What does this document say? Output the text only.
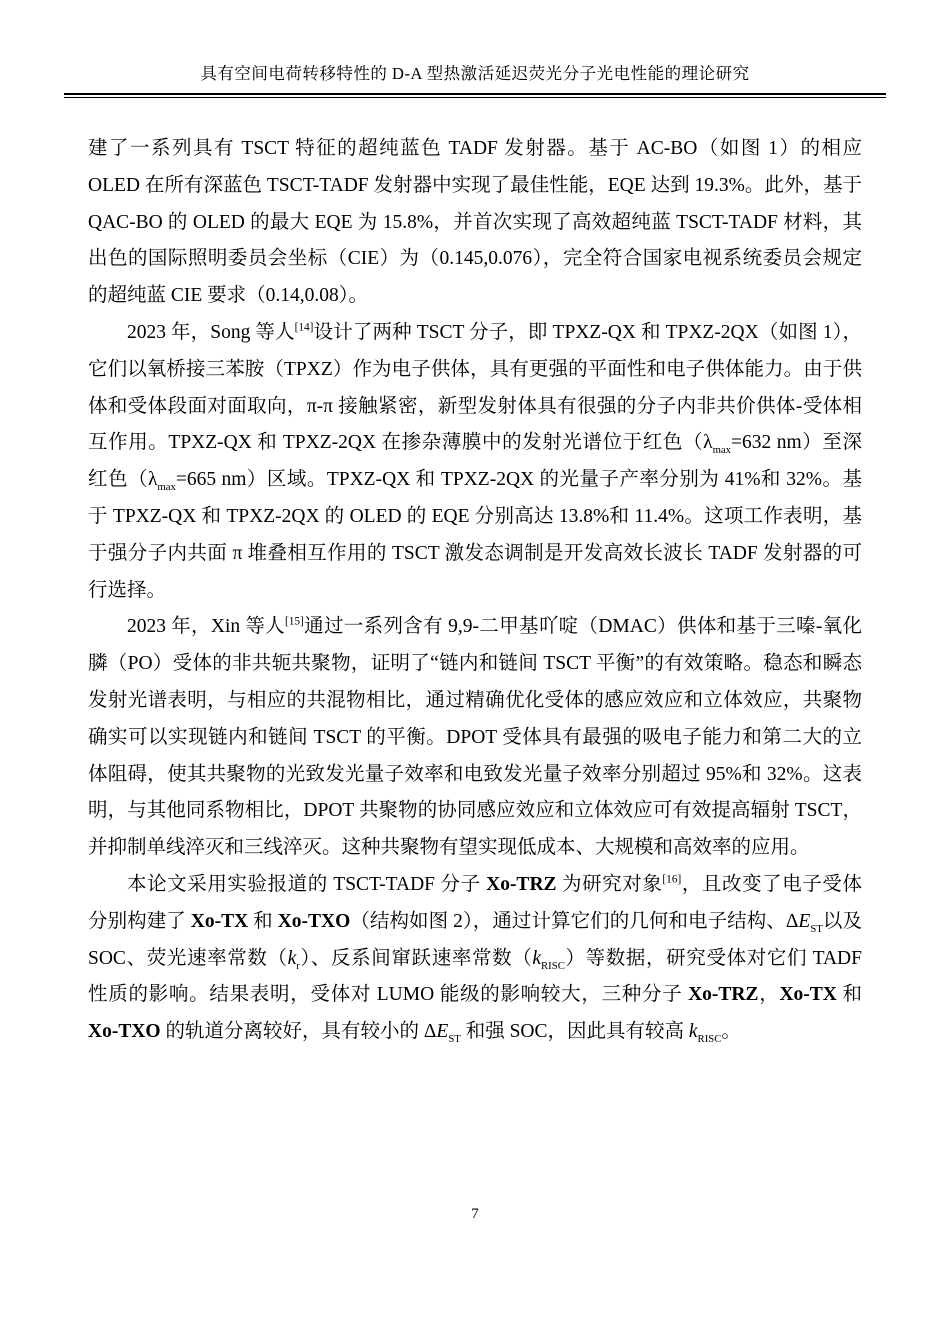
具有空间电荷转移特性的 D-A 型热激活延迟荧光分子光电性能的理论研究

建了一系列具有 TSCT 特征的超纯蓝色 TADF 发射器。基于 AC-BO（如图 1）的相应 OLED 在所有深蓝色 TSCT-TADF 发射器中实现了最佳性能，EQE 达到 19.3%。此外，基于 QAC-BO 的 OLED 的最大 EQE 为 15.8%，并首次实现了高效超纯蓝 TSCT-TADF 材料，其出色的国际照明委员会坐标（CIE）为（0.145,0.076），完全符合国家电视系统委员会规定的超纯蓝 CIE 要求（0.14,0.08）。

2023 年，Song 等人[14]设计了两种 TSCT 分子，即 TPXZ-QX 和 TPXZ-2QX（如图 1），它们以氧桥接三苯胺（TPXZ）作为电子供体，具有更强的平面性和电子供体能力。由于供体和受体段面对面取向，π-π 接触紧密，新型发射体具有很强的分子内非共价供体-受体相互作用。TPXZ-QX 和 TPXZ-2QX 在掺杂薄膜中的发射光谱位于红色（$\lambda_{max}=632$ nm）至深红色（$\lambda_{max}=665$ nm）区域。TPXZ-QX 和 TPXZ-2QX 的光量子产率分别为 41%和 32%。基于 TPXZ-QX 和 TPXZ-2QX 的 OLED 的 EQE 分别高达 13.8%和 11.4%。这项工作表明，基于强分子内共面 π 堆叠相互作用的 TSCT 激发态调制是开发高效长波长 TADF 发射器的可行选择。

2023 年，Xin 等人[15]通过一系列含有 9,9-二甲基吖啶（DMAC）供体和基于三嗪-氧化膦（PO）受体的非共轭共聚物，证明了“链内和链间 TSCT 平衡”的有效策略。稳态和瞬态发射光谱表明，与相应的共混物相比，通过精确优化受体的感应效应和立体效应，共聚物确实可以实现链内和链间 TSCT 的平衡。DPOT 受体具有最强的吸电子能力和第二大的立体阻碍，使其共聚物的光致发光量子效率和电致发光量子效率分别超过 95%和 32%。这表明，与其他同系物相比，DPOT 共聚物的协同感应效应和立体效应可有效提高辐射 TSCT，并抑制单线淬灭和三线淬灭。这种共聚物有望实现低成本、大规模和高效率的应用。

本论文采用实验报道的 TSCT-TADF 分子 Xo-TRZ 为研究对象[16]，且改变了电子受体分别构建了 Xo-TX 和 Xo-TXO（结构如图 2），通过计算它们的几何和电子结构、$\Delta E_{ST}$以及 SOC、荧光速率常数$(k_r)$、反系间窜跃速率常数$(k_{RISC})$等数据，研究受体对它们 TADF 性质的影响。结果表明，受体对 LUMO 能级的影响较大，三种分子 Xo-TRZ，Xo-TX 和 Xo-TXO 的轨道分离较好，具有较小的 $\Delta E_{ST}$ 和强 SOC，因此具有较高 $k_{RISC}$。

7
